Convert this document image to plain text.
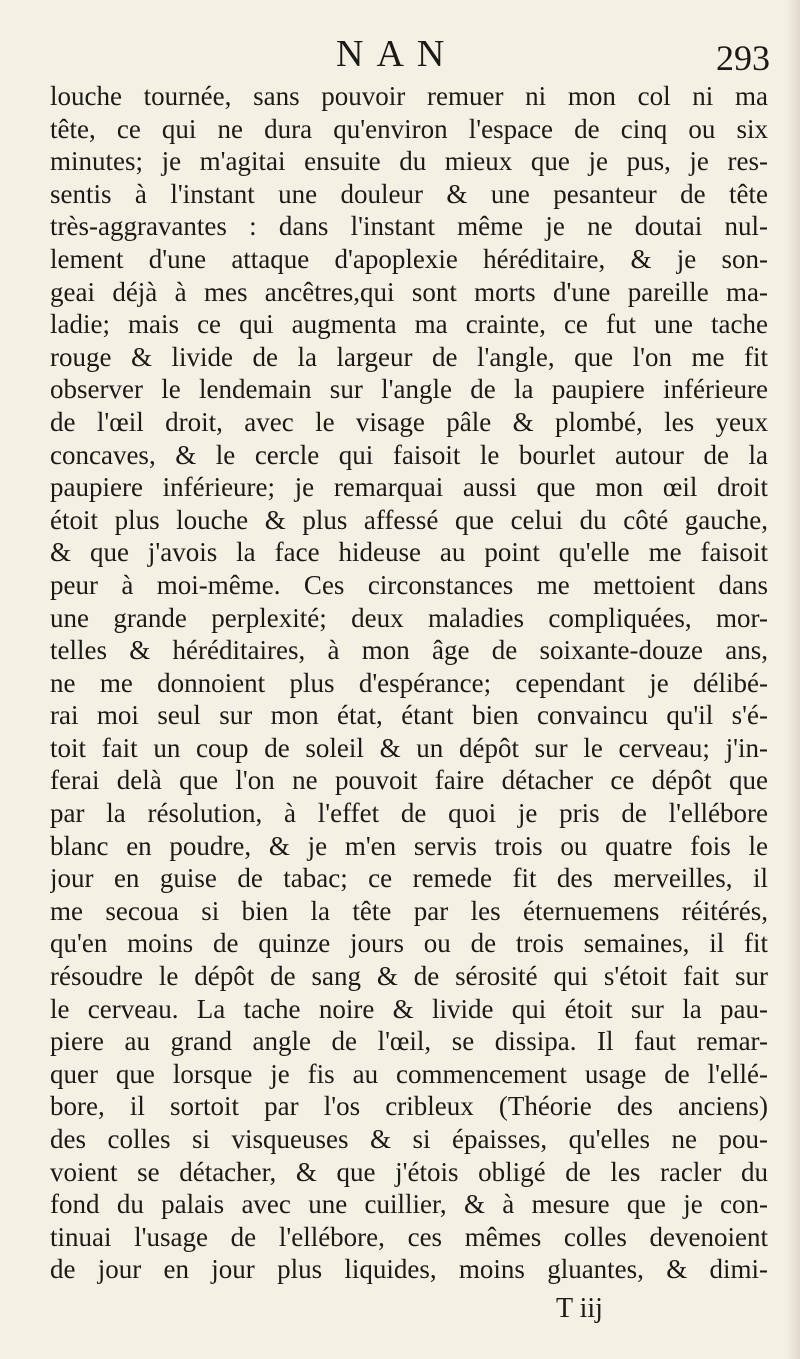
NAN	293
louche tournée, sans pouvoir remuer ni mon col ni ma
tête, ce qui ne dura qu'environ l'espace de cinq ou six
minutes; je m'agitai ensuite du mieux que je pus, je res-
sentis à l'instant une douleur & une pesanteur de tête
très-aggravantes : dans l'instant même je ne doutai nul-
lement d'une attaque d'apoplexie héréditaire, & je son-
geai déjà à mes ancêtres,qui sont morts d'une pareille ma-
ladie; mais ce qui augmenta ma crainte, ce fut une tache
rouge & livide de la largeur de l'angle, que l'on me fit
observer le lendemain sur l'angle de la paupiere inférieure
de l'œil droit, avec le visage pâle & plombé, les yeux
concaves, & le cercle qui faisoit le bourlet autour de la
paupiere inférieure; je remarquai aussi que mon œil droit
étoit plus louche & plus affessé que celui du côté gauche,
& que j'avois la face hideuse au point qu'elle me faisoit
peur à moi-même. Ces circonstances me mettoient dans
une grande perplexité; deux maladies compliquées, mor-
telles & héréditaires, à mon âge de soixante-douze ans,
ne me donnoient plus d'espérance; cependant je délibé-
rai moi seul sur mon état, étant bien convaincu qu'il s'é-
toit fait un coup de soleil & un dépôt sur le cerveau; j'in-
ferai delà que l'on ne pouvoit faire détacher ce dépôt que
par la résolution, à l'effet de quoi je pris de l'ellébore
blanc en poudre, & je m'en servis trois ou quatre fois le
jour en guise de tabac; ce remede fit des merveilles, il
me secoua si bien la tête par les éternuemens réitérés,
qu'en moins de quinze jours ou de trois semaines, il fit
résoudre le dépôt de sang & de sérosité qui s'étoit fait sur
le cerveau. La tache noire & livide qui étoit sur la pau-
piere au grand angle de l'œil, se dissipa. Il faut remar-
quer que lorsque je fis au commencement usage de l'ellé-
bore, il sortoit par l'os cribleux (Théorie des anciens)
des colles si visqueuses & si épaisses, qu'elles ne pou-
voient se détacher, & que j'étois obligé de les racler du
fond du palais avec une cuillier, & à mesure que je con-
tinuai l'usage de l'ellébore, ces mêmes colles devenoient
de jour en jour plus liquides, moins gluantes, & dimi-
T iij
